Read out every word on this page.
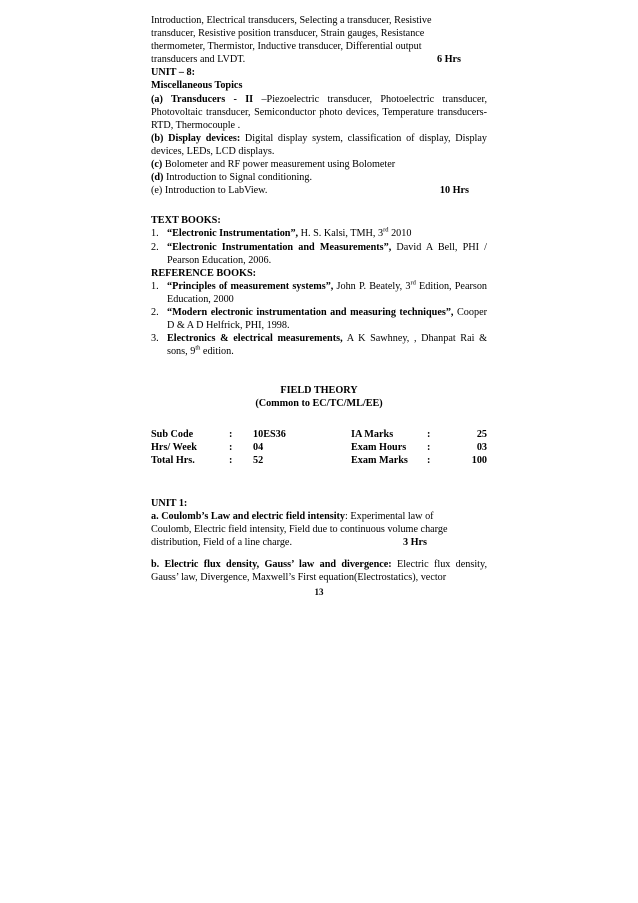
Introduction, Electrical transducers, Selecting a transducer, Resistive

transducer, Resistive position transducer, Strain gauges, Resistance

thermometer, Thermistor, Inductive transducer, Differential output

transducers and LVDT.	6 Hrs

UNIT – 8:

Miscellaneous Topics

(a) Transducers - II –Piezoelectric transducer, Photoelectric transducer, Photovoltaic transducer, Semiconductor photo devices, Temperature transducers-RTD, Thermocouple .

(b) Display devices: Digital display system, classification of display, Display devices, LEDs, LCD displays.

(c) Bolometer and RF power measurement using Bolometer

(d) Introduction to Signal conditioning.

(e) Introduction to LabView.	10 Hrs

TEXT BOOKS:

1. “Electronic Instrumentation”, H. S. Kalsi, TMH, 3rd 2010
2. “Electronic Instrumentation and Measurements”, David A Bell, PHI / Pearson Education, 2006.

REFERENCE BOOKS:

1. “Principles of measurement systems”, John P. Beately, 3rd Edition, Pearson Education, 2000
2. “Modern electronic instrumentation and measuring techniques”, Cooper D & A D Helfrick, PHI, 1998.
3. Electronics & electrical measurements, A K Sawhney, , Dhanpat Rai & sons, 9th edition.

FIELD THEORY

(Common to EC/TC/ML/EE)

Sub Code	:	10ES36	IA Marks	:	25
Hrs/ Week	:	04	Exam Hours	:	03
Total Hrs.	:	52	Exam Marks	:	100

UNIT 1:

a. Coulomb’s Law and electric field intensity: Experimental law of

Coulomb, Electric field intensity, Field due to continuous volume charge

distribution, Field of a line charge.	3 Hrs

b. Electric flux density, Gauss’ law and divergence: Electric flux density, Gauss’ law, Divergence, Maxwell’s First equation(Electrostatics), vector

13
